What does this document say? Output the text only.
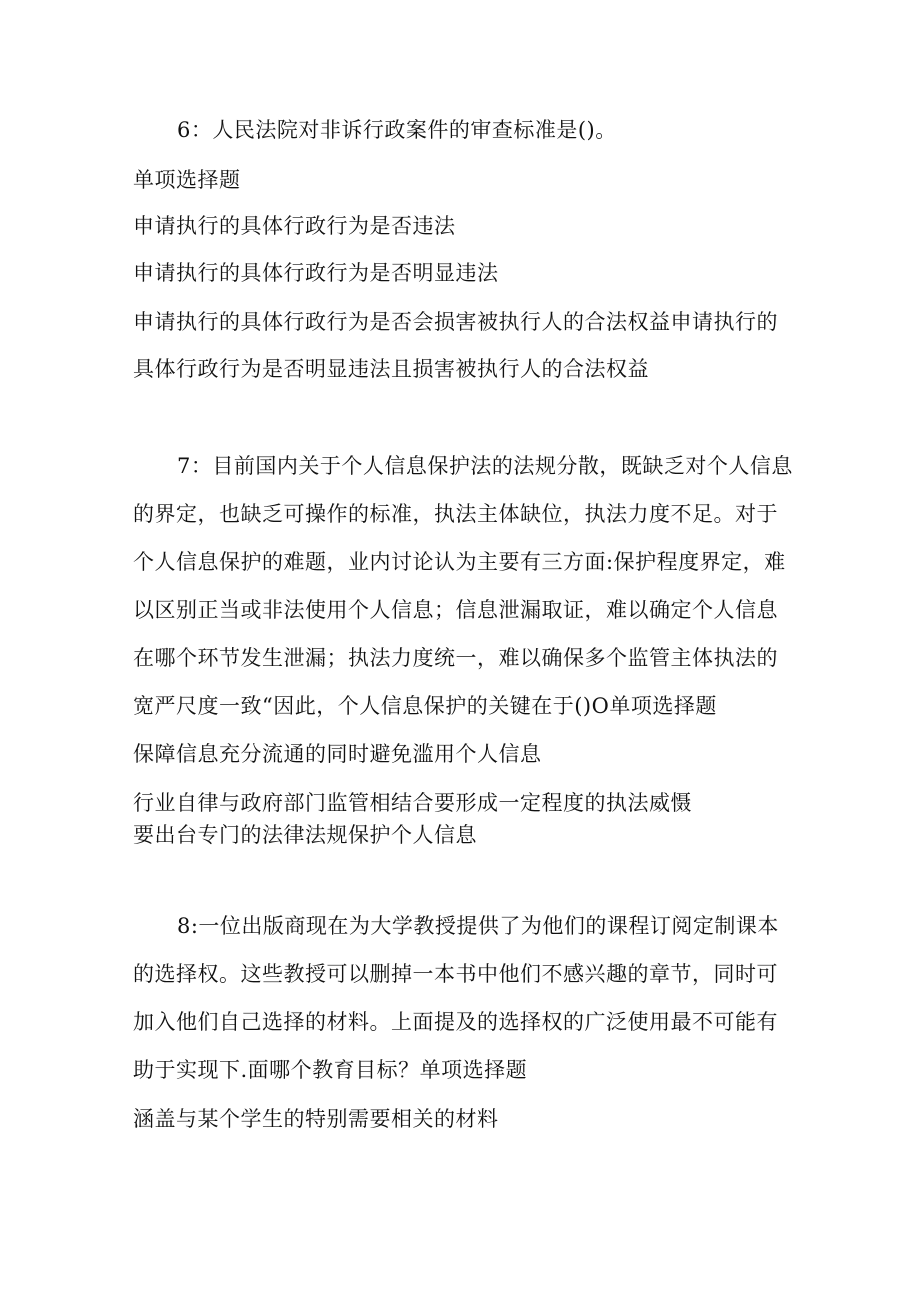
6：人民法院对非诉行政案件的审查标准是()。
单项选择题
申请执行的具体行政行为是否违法
申请执行的具体行政行为是否明显违法
申请执行的具体行政行为是否会损害被执行人的合法权益申请执行的
具体行政行为是否明显违法且损害被执行人的合法权益
7：目前国内关于个人信息保护法的法规分散，既缺乏对个人信息
的界定，也缺乏可操作的标准，执法主体缺位，执法力度不足。对于
个人信息保护的难题，业内讨论认为主要有三方面:保护程度界定，难
以区别正当或非法使用个人信息；信息泄漏取证，难以确定个人信息
在哪个环节发生泄漏；执法力度统一，难以确保多个监管主体执法的
宽严尺度一致“因此，个人信息保护的关键在于()O单项选择题
保障信息充分流通的同时避免滥用个人信息
行业自律与政府部门监管相结合要形成一定程度的执法威慑
要出台专门的法律法规保护个人信息
8:一位出版商现在为大学教授提供了为他们的课程订阅定制课本
的选择权。这些教授可以删掉一本书中他们不感兴趣的章节，同时可
加入他们自己选择的材料。上面提及的选择权的广泛使用最不可能有
助于实现下.面哪个教育目标？单项选择题
涵盖与某个学生的特别需要相关的材料
